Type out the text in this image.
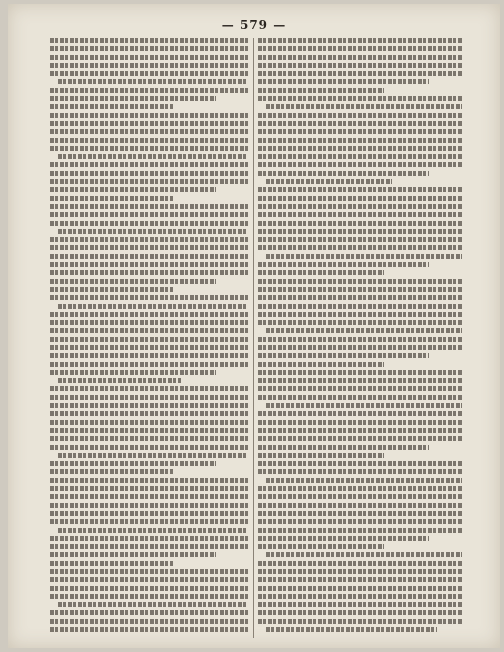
— 579 —
